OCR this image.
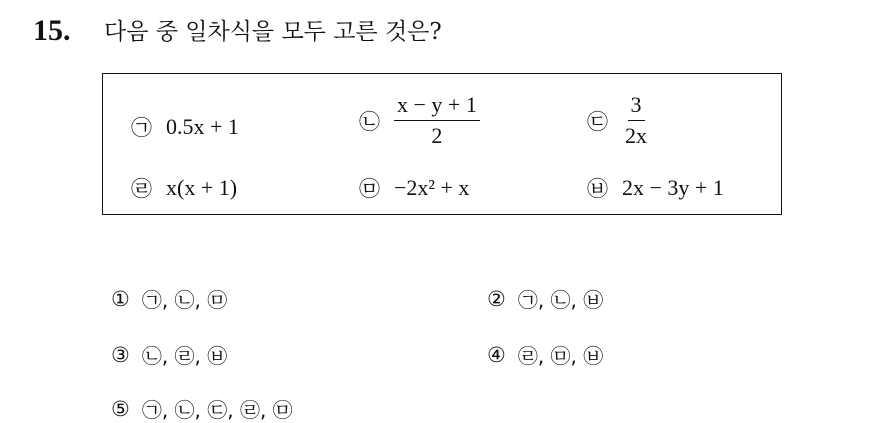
15. 다음 중 일차식을 모두 고른 것은?
㉠ 0.5x + 1	㉡ $\frac{x - y + 1}{2}$	㉢ $\frac{3}{2x}$
㉣ x(x + 1)	㉤ −2x² + x	㉥ 2x − 3y + 1
① ㉠, ㉡, ㉤	② ㉠, ㉡, ㉥
③ ㉡, ㉣, ㉥	④ ㉣, ㉤, ㉥
⑤ ㉠, ㉡, ㉢, ㉣, ㉤
